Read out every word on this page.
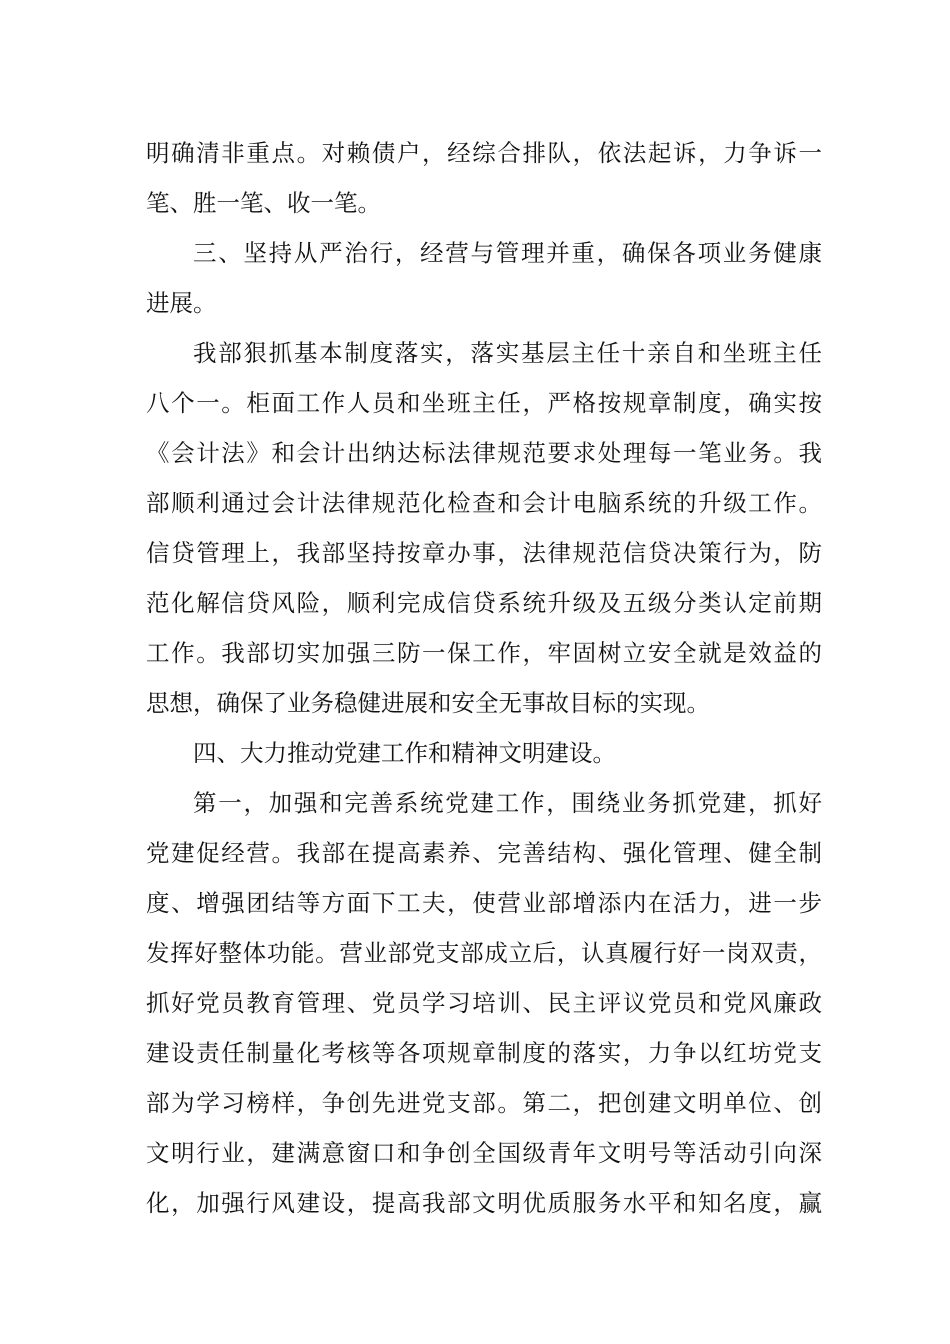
明确清非重点。对赖债户，经综合排队，依法起诉，力争诉一
笔、胜一笔、收一笔。
三、坚持从严治行，经营与管理并重，确保各项业务健康
进展。
我部狠抓基本制度落实，落实基层主任十亲自和坐班主任
八个一。柜面工作人员和坐班主任，严格按规章制度，确实按
《会计法》和会计出纳达标法律规范要求处理每一笔业务。我
部顺利通过会计法律规范化检查和会计电脑系统的升级工作。
信贷管理上，我部坚持按章办事，法律规范信贷决策行为，防
范化解信贷风险，顺利完成信贷系统升级及五级分类认定前期
工作。我部切实加强三防一保工作，牢固树立安全就是效益的
思想，确保了业务稳健进展和安全无事故目标的实现。
四、大力推动党建工作和精神文明建设。
第一，加强和完善系统党建工作，围绕业务抓党建，抓好
党建促经营。我部在提高素养、完善结构、强化管理、健全制
度、增强团结等方面下工夫，使营业部增添内在活力，进一步
发挥好整体功能。营业部党支部成立后，认真履行好一岗双责，
抓好党员教育管理、党员学习培训、民主评议党员和党风廉政
建设责任制量化考核等各项规章制度的落实，力争以红坊党支
部为学习榜样，争创先进党支部。第二，把创建文明单位、创
文明行业，建满意窗口和争创全国级青年文明号等活动引向深
化，加强行风建设，提高我部文明优质服务水平和知名度，赢
